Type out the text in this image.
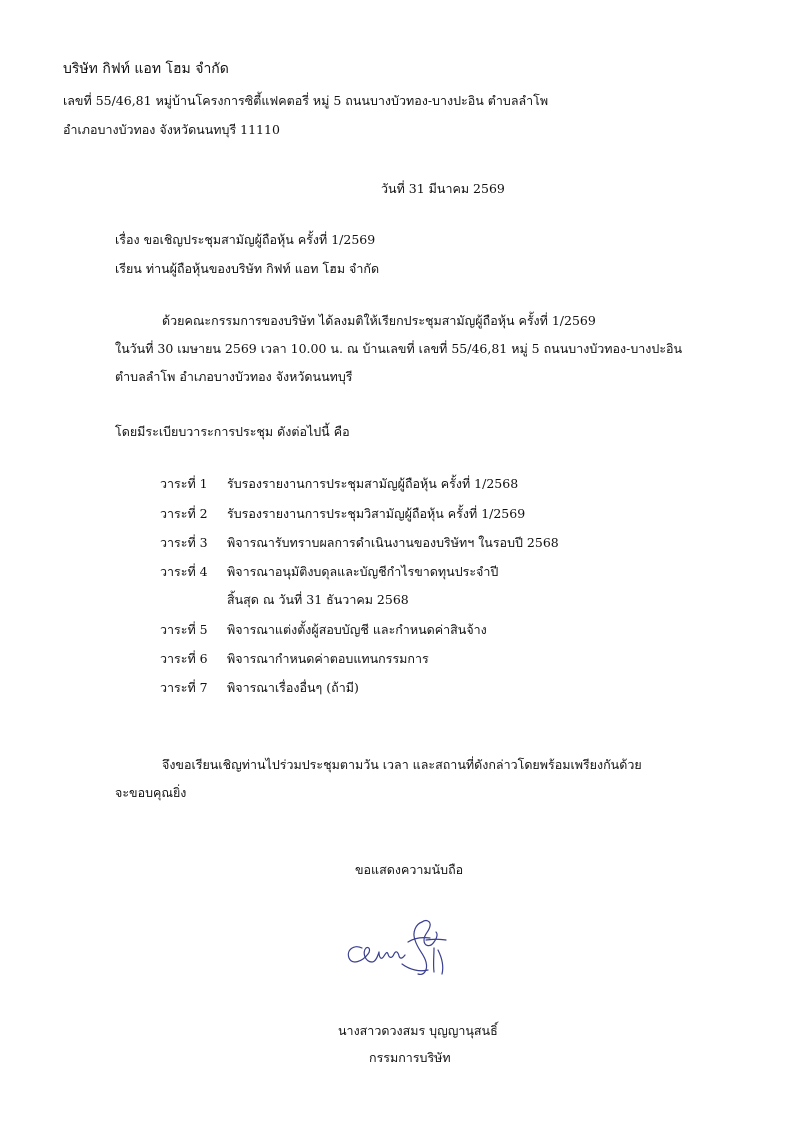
บริษัท กิฟท์ แอท โฮม จำกัด
เลขที่ 55/46,81 หมู่บ้านโครงการซิตี้แฟคตอรี่ หมู่ 5 ถนนบางบัวทอง-บางปะอิน ตำบลลำโพ
อำเภอบางบัวทอง จังหวัดนนทบุรี 11110
วันที่ 31 มีนาคม 2569
เรื่อง ขอเชิญประชุมสามัญผู้ถือหุ้น ครั้งที่ 1/2569
เรียน ท่านผู้ถือหุ้นของบริษัท กิฟท์ แอท โฮม จำกัด
ด้วยคณะกรรมการของบริษัท ได้ลงมติให้เรียกประชุมสามัญผู้ถือหุ้น ครั้งที่ 1/2569
ในวันที่ 30 เมษายน 2569 เวลา 10.00 น. ณ บ้านเลขที่ เลขที่ 55/46,81 หมู่ 5 ถนนบางบัวทอง-บางปะอิน
ตำบลลำโพ อำเภอบางบัวทอง จังหวัดนนทบุรี
โดยมีระเบียบวาระการประชุม ดังต่อไปนี้ คือ
วาระที่ 1 รับรองรายงานการประชุมสามัญผู้ถือหุ้น ครั้งที่ 1/2568
วาระที่ 2 รับรองรายงานการประชุมวิสามัญผู้ถือหุ้น ครั้งที่ 1/2569
วาระที่ 3 พิจารณารับทราบผลการดำเนินงานของบริษัทฯ ในรอบปี 2568
วาระที่ 4 พิจารณาอนุมัติงบดุลและบัญชีกำไรขาดทุนประจำปี
สิ้นสุด ณ วันที่ 31 ธันวาคม 2568
วาระที่ 5 พิจารณาแต่งตั้งผู้สอบบัญชี และกำหนดค่าสินจ้าง
วาระที่ 6 พิจารณากำหนดค่าตอบแทนกรรมการ
วาระที่ 7 พิจารณาเรื่องอื่นๆ (ถ้ามี)
จึงขอเรียนเชิญท่านไปร่วมประชุมตามวัน เวลา และสถานที่ดังกล่าวโดยพร้อมเพรียงกันด้วย
จะขอบคุณยิ่ง
ขอแสดงความนับถือ
นางสาวดวงสมร บุญญานุสนธิ์
กรรมการบริษัท
